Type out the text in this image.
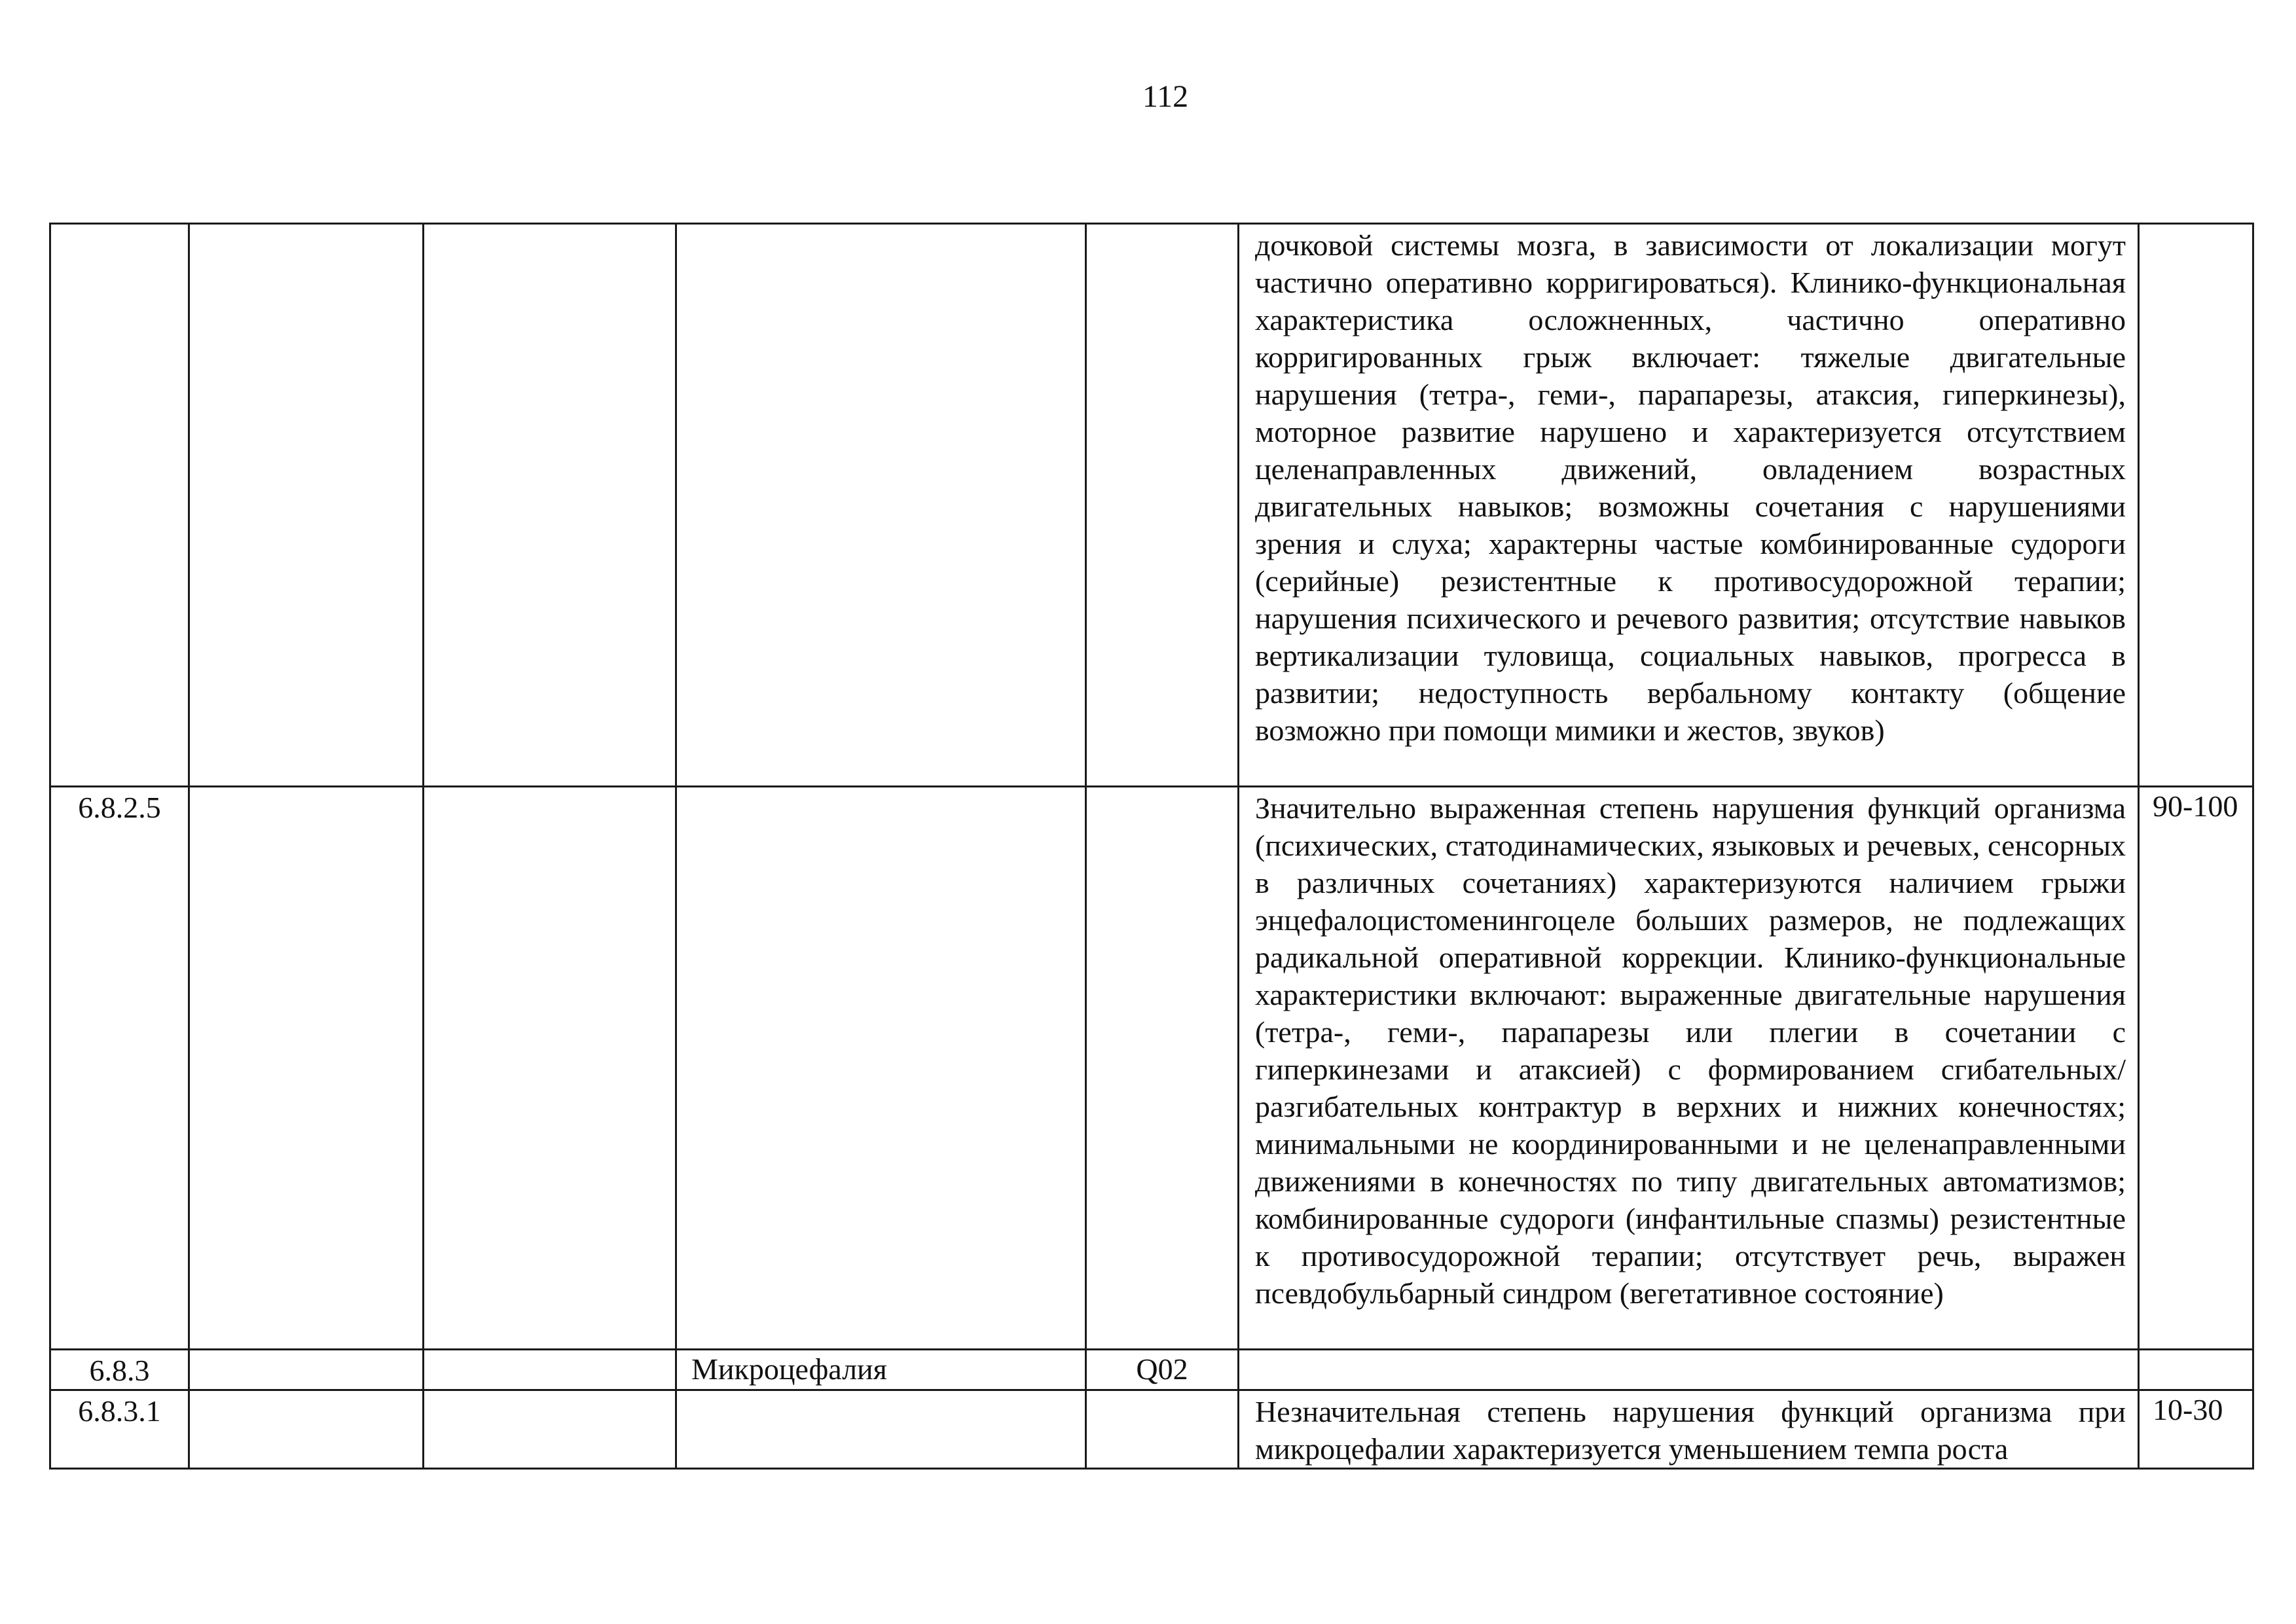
112
					дочковой системы мозга, в зависимости от локализации могут частично оперативно корригироваться). Клинико-функциональная характеристика осложненных, частично оперативно корригированных грыж включает: тяжелые двигательные нарушения (тетра-, геми-, парапарезы, атаксия, гиперкинезы), моторное развитие нарушено и характеризуется отсутствием целенаправленных движений, овладением возрастных двигательных навыков; возможны сочетания с нарушениями зрения и слуха; характерны частые комбинированные судороги (серийные) резистентные к противосудорожной терапии; нарушения психического и речевого развития; отсутствие навыков вертикализации туловища, социальных навыков, прогресса в развитии; недоступность вербальному контакту (общение возможно при помощи мимики и жестов, звуков)	
6.8.2.5					Значительно выраженная степень нарушения функций организма (психических, статодинамических, языковых и речевых, сенсорных в различных сочетаниях) характеризуются наличием грыжи энцефалоцистоменингоцеле больших размеров, не подлежащих радикальной оперативной коррекции. Клинико-функциональные характеристики включают: выраженные двигательные нарушения (тетра-, геми-, парапарезы или плегии в сочетании с гиперкинезами и атаксией) с формированием сгибательных/разгибательных контрактур в верхних и нижних конечностях; минимальными не координированными и не целенаправленными движениями в конечностях по типу двигательных автоматизмов; комбинированные судороги (инфантильные спазмы) резистентные к противосудорожной терапии; отсутствует речь, выражен псевдобульбарный синдром (вегетативное состояние)	90-100
6.8.3			Микроцефалия	Q02		
6.8.3.1					Незначительная степень нарушения функций организма при микроцефалии характеризуется уменьшением темпа роста	10-30
